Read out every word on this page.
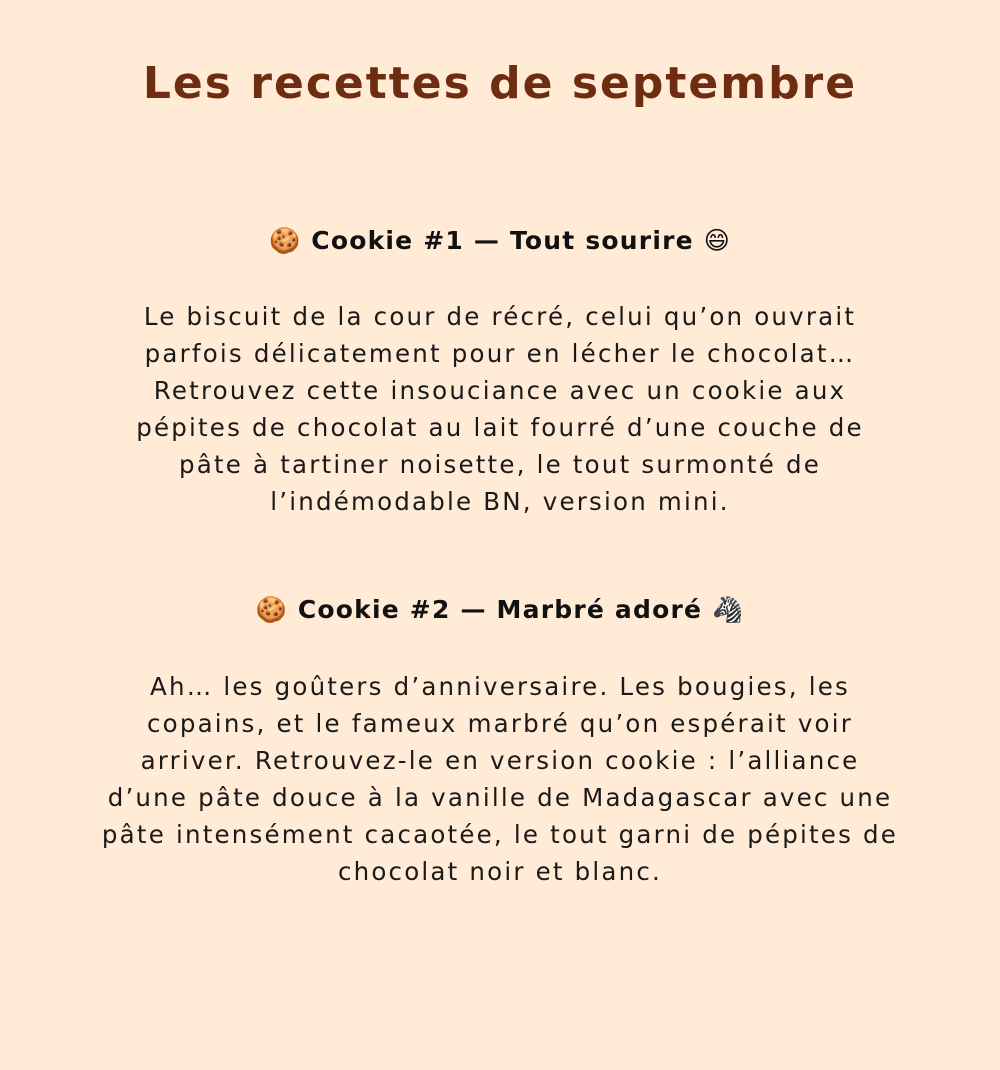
Les recettes de septembre
🍪 Cookie #1 — Tout sourire 😄

Le biscuit de la cour de récré, celui qu’on ouvrait parfois délicatement pour en lécher le chocolat… Retrouvez cette insouciance avec un cookie aux pépites de chocolat au lait fourré d’une couche de pâte à tartiner noisette, le tout surmonté de l’indémodable BN, version mini.

🍪 Cookie #2 — Marbré adoré 🦓

Ah… les goûters d’anniversaire. Les bougies, les copains, et le fameux marbré qu’on espérait voir arriver. Retrouvez-le en version cookie : l’alliance d’une pâte douce à la vanille de Madagascar avec une pâte intensément cacaotée, le tout garni de pépites de chocolat noir et blanc.
